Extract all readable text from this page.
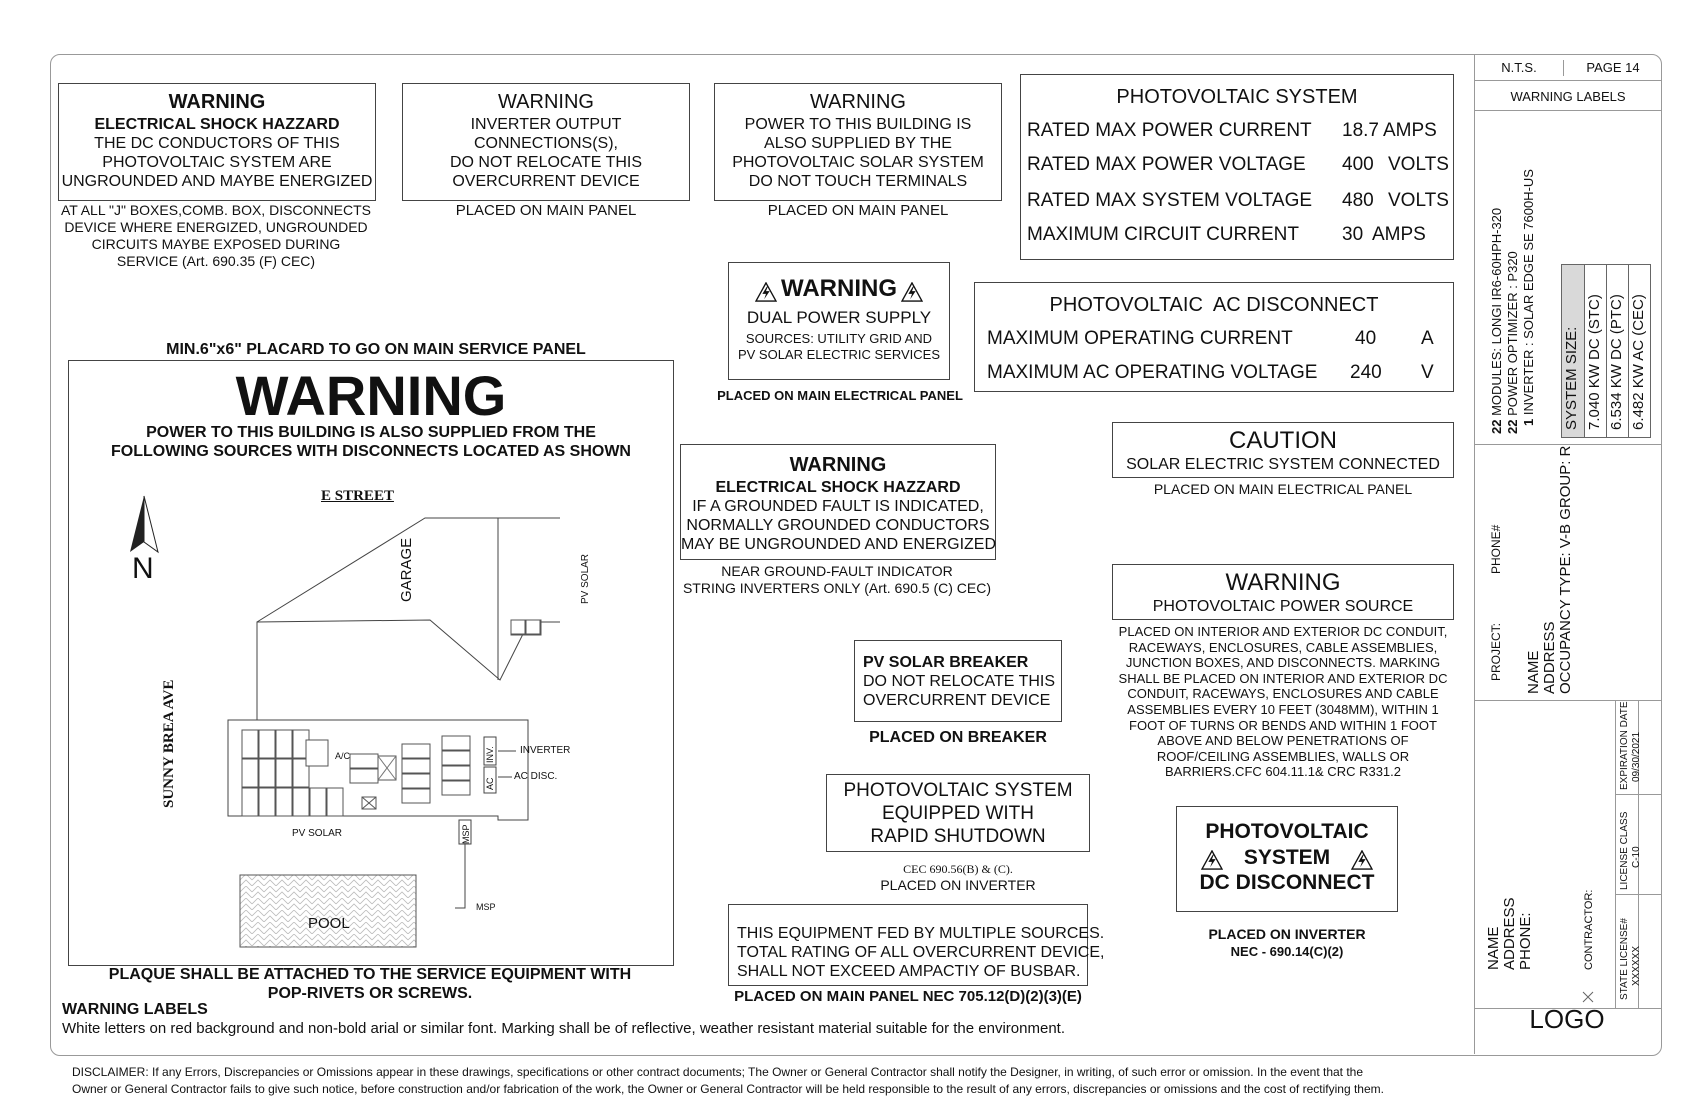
WARNING
ELECTRICAL SHOCK HAZZARD
THE DC CONDUCTORS OF THIS
PHOTOVOLTAIC SYSTEM ARE
UNGROUNDED AND MAYBE ENERGIZED
AT ALL "J" BOXES,COMB. BOX, DISCONNECTS
DEVICE WHERE ENERGIZED, UNGROUNDED
CIRCUITS MAYBE EXPOSED DURING
SERVICE (Art. 690.35 (F) CEC)
WARNING
INVERTER OUTPUT
CONNECTIONS(S),
DO NOT RELOCATE THIS
OVERCURRENT DEVICE
PLACED ON MAIN PANEL
WARNING
POWER TO THIS BUILDING IS
ALSO SUPPLIED BY THE
PHOTOVOLTAIC SOLAR SYSTEM
DO NOT TOUCH TERMINALS
PLACED ON MAIN PANEL
PHOTOVOLTAIC SYSTEM
RATED MAX POWER CURRENT 18.7 AMPS
RATED MAX POWER VOLTAGE 400 VOLTS
RATED MAX SYSTEM VOLTAGE 480 VOLTS
MAXIMUM CIRCUIT CURRENT 30 AMPS
WARNING
DUAL POWER SUPPLY
SOURCES: UTILITY GRID AND
PV SOLAR ELECTRIC SERVICES
PLACED ON MAIN ELECTRICAL PANEL
PHOTOVOLTAIC  AC DISCONNECT
MAXIMUM OPERATING CURRENT	40 A
MAXIMUM AC OPERATING VOLTAGE 240 V
CAUTION
SOLAR ELECTRIC SYSTEM CONNECTED
PLACED ON MAIN ELECTRICAL PANEL
WARNING
ELECTRICAL SHOCK HAZZARD
IF A GROUNDED FAULT IS INDICATED,
NORMALLY GROUNDED CONDUCTORS
MAY BE UNGROUNDED AND ENERGIZED
NEAR GROUND-FAULT INDICATOR
STRING INVERTERS ONLY (Art. 690.5 (C) CEC)	WARNING
PHOTOVOLTAIC POWER SOURCE
PLACED ON INTERIOR AND EXTERIOR DC CONDUIT,
RACEWAYS, ENCLOSURES, CABLE ASSEMBLIES,
JUNCTION BOXES, AND DISCONNECTS. MARKING
SHALL BE PLACED ON INTERIOR AND EXTERIOR DC
CONDUIT, RACEWAYS, ENCLOSURES AND CABLE
ASSEMBLIES EVERY 10 FEET (3048MM), WITHIN 1
FOOT OF TURNS OR BENDS AND WITHIN 1 FOOT
ABOVE AND BELOW PENETRATIONS OF
ROOF/CEILING ASSEMBLIES, WALLS OR
BARRIERS.CFC 604.11.1& CRC R331.2
PV SOLAR BREAKER
DO NOT RELOCATE THIS
OVERCURRENT DEVICE
PLACED ON BREAKER
PHOTOVOLTAIC SYSTEM
EQUIPPED WITH
RAPID SHUTDOWN
CEC 690.56(B) & (C).
PLACED ON INVERTER
PHOTOVOLTAIC
SYSTEM
DC DISCONNECT
PLACED ON INVERTER
NEC - 690.14(C)(2)
THIS EQUIPMENT FED BY MULTIPLE SOURCES.
TOTAL RATING OF ALL OVERCURRENT DEVICE,
SHALL NOT EXCEED AMPACTIY OF BUSBAR.
PLACED ON MAIN PANEL NEC 705.12(D)(2)(3)(E)
MIN.6"x6" PLACARD TO GO ON MAIN SERVICE PANEL
WARNING
POWER TO THIS BUILDING IS ALSO SUPPLIED FROM THE
FOLLOWING SOURCES WITH DISCONNECTS LOCATED AS SHOWN
E STREET
N
SUNNY BREA AVE
GARAGE	PV SOLAR
A/C	INV.
AC
INVERTER
AC DISC.
PV SOLAR	MSP
MSP
POOL
PLAQUE SHALL BE ATTACHED TO THE SERVICE EQUIPMENT WITH
POP-RIVETS OR SCREWS.
WARNING LABELS
White letters on red background and non-bold arial or similar font. Marking shall be of reflective, weather resistant material suitable for the environment.
DISCLAIMER: If any Errors, Discrepancies or Omissions appear in these drawings, specifications or other contract documents; The Owner or General Contractor shall notify the Designer, in writing, of such error or omission. In the event that the
Owner or General Contractor fails to give such notice, before construction and/or fabrication of the work, the Owner or General Contractor will be held responsible to the result of any errors, discrepancies or omissions and the cost of rectifying them.
N.T.S.	PAGE 14
WARNING LABELS
22 MODULES: LONGI IR6-60HPH-320
22 POWER OPTIMIZER : P320
1 INVERTER : SOLAR EDGE SE 7600H-US SYSTEM SIZE: 7.040 KW DC (STC) 6.534 KW DC (PTC) 6.482 KW AC (CEC)
PROJECT:
PHONE#
NAME ADDRESS OCCUPANCY TYPE: V-B GROUP: R
NAME ADDRESS PHONE:	CONTRACTOR:
EXPIRATION DATE 09/30/2021
LICENSE CLASS C-10
STATE LICENSE# XXXXXX
LOGO
